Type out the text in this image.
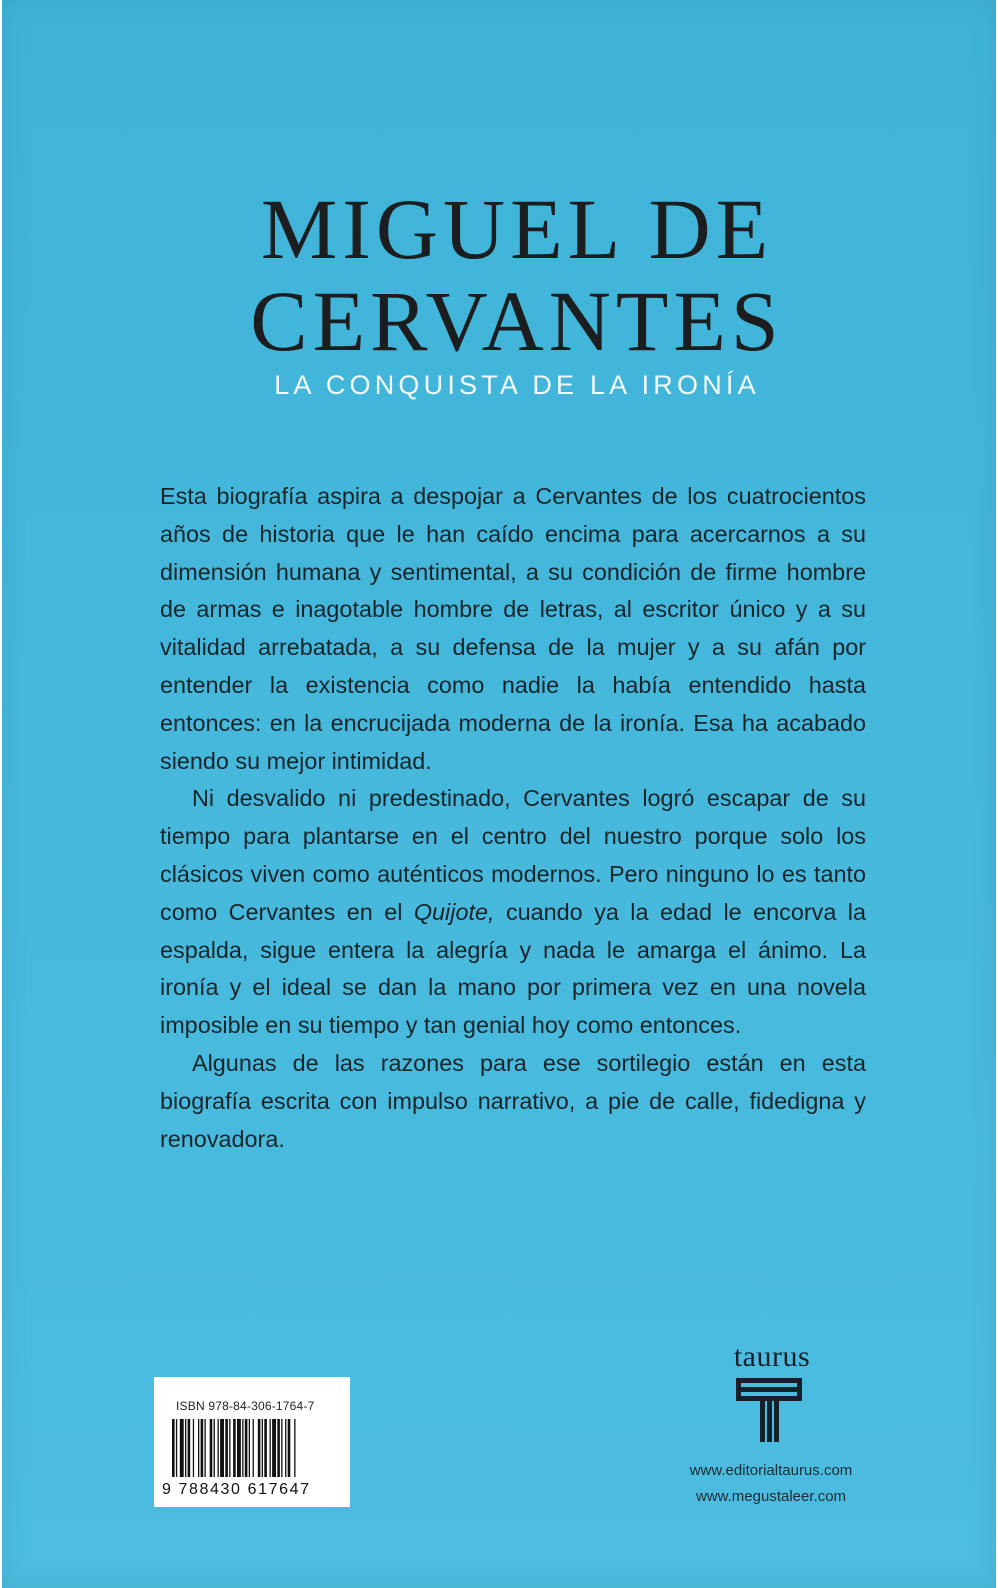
MIGUEL DE
CERVANTES
LA CONQUISTA DE LA IRONÍA

Esta biografía aspira a despojar a Cervantes de los cuatrocientos años de historia que le han caído encima para acercarnos a su dimensión humana y sentimental, a su condición de firme hombre de armas e inagotable hombre de letras, al escritor único y a su vitalidad arrebatada, a su defensa de la mujer y a su afán por entender la existencia como nadie la había entendido hasta entonces: en la encrucijada moderna de la ironía. Esa ha acabado siendo su mejor intimidad.

Ni desvalido ni predestinado, Cervantes logró escapar de su tiempo para plantarse en el centro del nuestro porque solo los clásicos viven como auténticos modernos. Pero ninguno lo es tanto como Cervantes en el Quijote, cuando ya la edad le encorva la espalda, sigue entera la alegría y nada le amarga el ánimo. La ironía y el ideal se dan la mano por primera vez en una novela imposible en su tiempo y tan genial hoy como entonces.

Algunas de las razones para ese sortilegio están en esta biografía escrita con impulso narrativo, a pie de calle, fidedigna y renovadora.

ISBN 978-84-306-1764-7
9 788430 617647
taurus
www.editorialtaurus.com
www.megustaleer.com
